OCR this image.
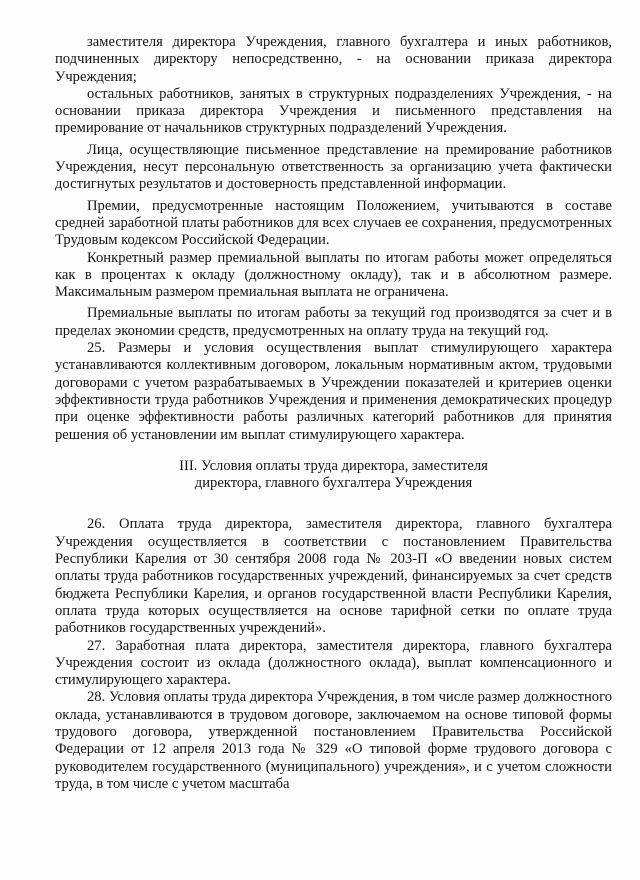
заместителя директора Учреждения, главного бухгалтера и иных работников, подчиненных директору непосредственно, - на основании приказа директора Учреждения;

остальных работников, занятых в структурных подразделениях Учреждения, - на основании приказа директора Учреждения и письменного представления на премирование от начальников структурных подразделений Учреждения.

Лица, осуществляющие письменное представление на премирование работников Учреждения, несут персональную ответственность за организацию учета фактически достигнутых результатов и достоверность представленной информации.

Премии, предусмотренные настоящим Положением, учитываются в составе средней заработной платы работников для всех случаев ее сохранения, предусмотренных Трудовым кодексом Российской Федерации.

Конкретный размер премиальной выплаты по итогам работы может определяться как в процентах к окладу (должностному окладу), так и в абсолютном размере. Максимальным размером премиальная выплата не ограничена.

Премиальные выплаты по итогам работы за текущий год производятся за счет и в пределах экономии средств, предусмотренных на оплату труда на текущий год.

25. Размеры и условия осуществления выплат стимулирующего характера устанавливаются коллективным договором, локальным нормативным актом, трудовыми договорами с учетом разрабатываемых в Учреждении показателей и критериев оценки эффективности труда работников Учреждения и применения демократических процедур при оценке эффективности работы различных категорий работников для принятия решения об установлении им выплат стимулирующего характера.

III. Условия оплаты труда директора, заместителя
директора, главного бухгалтера Учреждения

26. Оплата труда директора, заместителя директора, главного бухгалтера Учреждения осуществляется в соответствии с постановлением Правительства Республики Карелия от 30 сентября 2008 года № 203-П «О введении новых систем оплаты труда работников государственных учреждений, финансируемых за счет средств бюджета Республики Карелия, и органов государственной власти Республики Карелия, оплата труда которых осуществляется на основе тарифной сетки по оплате труда работников государственных учреждений».

27. Заработная плата директора, заместителя директора, главного бухгалтера Учреждения состоит из оклада (должностного оклада), выплат компенсационного и стимулирующего характера.

28. Условия оплаты труда директора Учреждения, в том числе размер должностного оклада, устанавливаются в трудовом договоре, заключаемом на основе типовой формы трудового договора, утвержденной постановлением Правительства Российской Федерации от 12 апреля 2013 года № 329 «О типовой форме трудового договора с руководителем государственного (муниципального) учреждения», и с учетом сложности труда, в том числе с учетом масштаба
